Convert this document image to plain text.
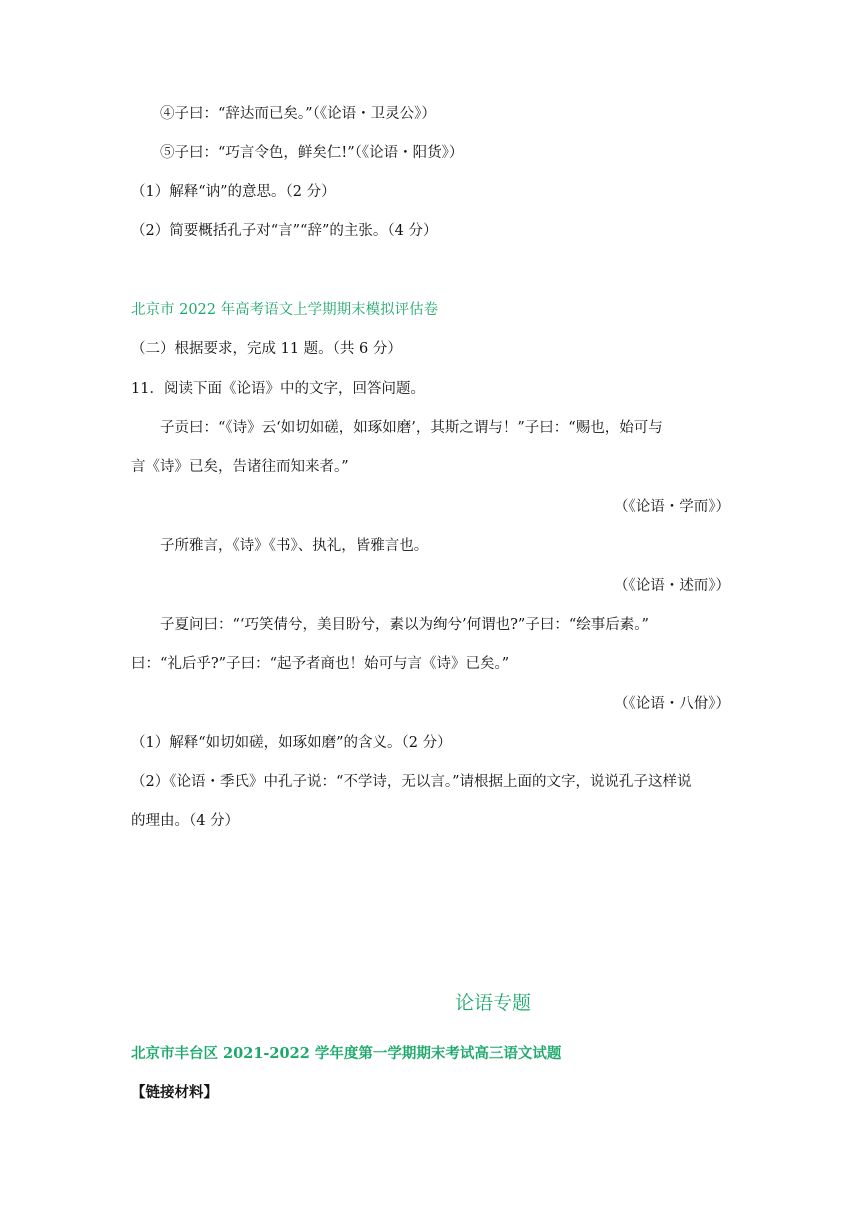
④子曰：“辞达而已矣。”（《论语・卫灵公》）
⑤子曰：“巧言令色，鲜矣仁!”（《论语・阳货》）
（1）解释“讷”的意思。（2 分）
（2）简要概括孔子对“言”“辞”的主张。（4 分）
北京市 2022 年高考语文上学期期末模拟评估卷
（二）根据要求，完成 11 题。（共 6 分）
11．阅读下面《论语》中的文字，回答问题。
子贡曰：“《诗》云‘如切如磋，如琢如磨’，其斯之谓与！”子曰：“赐也，始可与
言《诗》已矣，告诸往而知来者。”
（《论语・学而》）
子所雅言，《诗》《书》、执礼，皆雅言也。
（《论语・述而》）
子夏问曰：“‘巧笑倩兮，美目盼兮，素以为绚兮’何谓也?”子曰：“绘事后素。”
曰：“礼后乎?”子曰：“起予者商也！始可与言《诗》已矣。”
（《论语・八佾》）
（1）解释“如切如磋，如琢如磨”的含义。（2 分）
（2）《论语・季氏》中孔子说：“不学诗，无以言。”请根据上面的文字，说说孔子这样说
的理由。（4 分）
论语专题
北京市丰台区 2021-2022 学年度第一学期期末考试高三语文试题
【链接材料】
